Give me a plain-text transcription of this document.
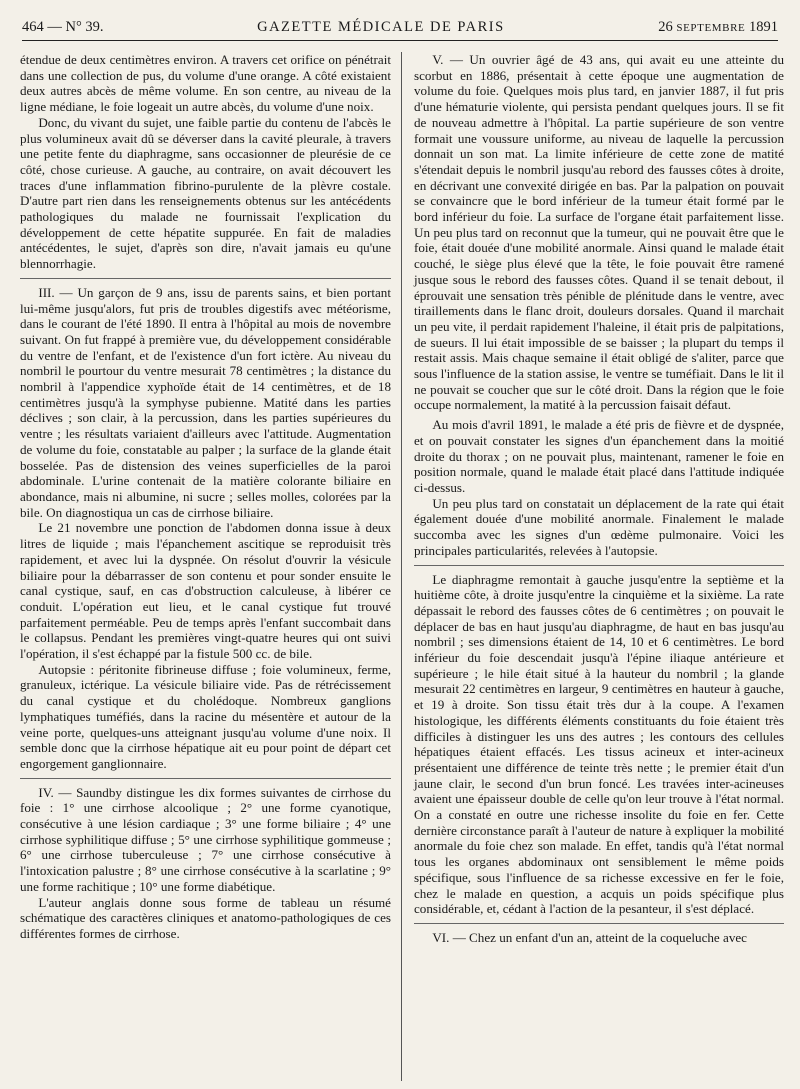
464 — N° 39.	GAZETTE MÉDICALE DE PARIS	26 SEPTEMBRE 1891

étendue de deux centimètres environ. A travers cet orifice on pénétrait dans une collection de pus, du volume d'une orange. A côté existaient deux autres abcès de même volume. En son centre, au niveau de la ligne médiane, le foie logeait un autre abcès, du volume d'une noix.

Donc, du vivant du sujet, une faible partie du contenu de l'abcès le plus volumineux avait dû se déverser dans la cavité pleurale, à travers une petite fente du diaphragme, sans occasionner de pleurésie de ce côté, chose curieuse. A gauche, au contraire, on avait découvert les traces d'une inflammation fibrino-purulente de la plèvre costale. D'autre part rien dans les renseignements obtenus sur les antécédents pathologiques du malade ne fournissait l'explication du développement de cette hépatite suppurée. En fait de maladies antécédentes, le sujet, d'après son dire, n'avait jamais eu qu'une blennorrhagie.

III. — Un garçon de 9 ans, issu de parents sains, et bien portant lui-même jusqu'alors, fut pris de troubles digestifs avec météorisme, dans le courant de l'été 1890. Il entra à l'hôpital au mois de novembre suivant. On fut frappé à première vue, du développement considérable du ventre de l'enfant, et de l'existence d'un fort ictère. Au niveau du nombril le pourtour du ventre mesurait 78 centimètres ; la distance du nombril à l'appendice xyphoïde était de 14 centimètres, et de 18 centimètres jusqu'à la symphyse pubienne. Matité dans les parties déclives ; son clair, à la percussion, dans les parties supérieures du ventre ; les résultats variaient d'ailleurs avec l'attitude. Augmentation de volume du foie, constatable au palper ; la surface de la glande était bosselée. Pas de distension des veines superficielles de la paroi abdominale. L'urine contenait de la matière colorante biliaire en abondance, mais ni albumine, ni sucre ; selles molles, colorées par la bile. On diagnostiqua un cas de cirrhose biliaire.

Le 21 novembre une ponction de l'abdomen donna issue à deux litres de liquide ; mais l'épanchement ascitique se reproduisit très rapidement, et avec lui la dyspnée. On résolut d'ouvrir la vésicule biliaire pour la débarrasser de son contenu et pour sonder ensuite le canal cystique, sauf, en cas d'obstruction calculeuse, à libérer ce conduit. L'opération eut lieu, et le canal cystique fut trouvé parfaitement perméable. Peu de temps après l'enfant succombait dans le collapsus. Pendant les premières vingt-quatre heures qui ont suivi l'opération, il s'est échappé par la fistule 500 cc. de bile.

Autopsie : péritonite fibrineuse diffuse ; foie volumineux, ferme, granuleux, ictérique. La vésicule biliaire vide. Pas de rétrécissement du canal cystique et du cholédoque. Nombreux ganglions lymphatiques tuméfiés, dans la racine du mésentère et autour de la veine porte, quelques-uns atteignant jusqu'au volume d'une noix. Il semble donc que la cirrhose hépatique ait eu pour point de départ cet engorgement ganglionnaire.

IV. — Saundby distingue les dix formes suivantes de cirrhose du foie : 1° une cirrhose alcoolique ; 2° une forme cyanotique, consécutive à une lésion cardiaque ; 3° une forme biliaire ; 4° une cirrhose syphilitique diffuse ; 5° une cirrhose syphilitique gommeuse ; 6° une cirrhose tuberculeuse ; 7° une cirrhose consécutive à l'intoxication palustre ; 8° une cirrhose consécutive à la scarlatine ; 9° une forme rachitique ; 10° une forme diabétique.

L'auteur anglais donne sous forme de tableau un résumé schématique des caractères cliniques et anatomo-pathologiques de ces différentes formes de cirrhose.

V. — Un ouvrier âgé de 43 ans, qui avait eu une atteinte du scorbut en 1886, présentait à cette époque une augmentation de volume du foie. Quelques mois plus tard, en janvier 1887, il fut pris d'une hématurie violente, qui persista pendant quelques jours. Il se fit de nouveau admettre à l'hôpital. La partie supérieure de son ventre formait une voussure uniforme, au niveau de laquelle la percussion donnait un son mat. La limite inférieure de cette zone de matité s'étendait depuis le nombril jusqu'au rebord des fausses côtes à droite, en décrivant une convexité dirigée en bas. Par la palpation on pouvait se convaincre que le bord inférieur de la tumeur était formé par le bord inférieur du foie. La surface de l'organe était parfaitement lisse. Un peu plus tard on reconnut que la tumeur, qui ne pouvait être que le foie, était douée d'une mobilité anormale. Ainsi quand le malade était couché, le siège plus élevé que la tête, le foie pouvait être ramené jusque sous le rebord des fausses côtes. Quand il se tenait debout, il éprouvait une sensation très pénible de plénitude dans le ventre, avec tiraillements dans le flanc droit, douleurs dorsales. Quand il marchait un peu vite, il perdait rapidement l'haleine, il était pris de palpitations, de sueurs. Il lui était impossible de se baisser ; la plupart du temps il restait assis. Mais chaque semaine il était obligé de s'aliter, parce que sous l'influence de la station assise, le ventre se tuméfiait. Dans le lit il ne pouvait se coucher que sur le côté droit. Dans la région que le foie occupe normalement, la matité à la percussion faisait défaut.

Au mois d'avril 1891, le malade a été pris de fièvre et de dyspnée, et on pouvait constater les signes d'un épanchement dans la moitié droite du thorax ; on ne pouvait plus, maintenant, ramener le foie en position normale, quand le malade était placé dans l'attitude indiquée ci-dessus.

Un peu plus tard on constatait un déplacement de la rate qui était également douée d'une mobilité anormale. Finalement le malade succomba avec les signes d'un œdème pulmonaire. Voici les principales particularités, relevées à l'autopsie.

Le diaphragme remontait à gauche jusqu'entre la septième et la huitième côte, à droite jusqu'entre la cinquième et la sixième. La rate dépassait le rebord des fausses côtes de 6 centimètres ; on pouvait le déplacer de bas en haut jusqu'au diaphragme, de haut en bas jusqu'au nombril ; ses dimensions étaient de 14, 10 et 6 centimètres. Le bord inférieur du foie descendait jusqu'à l'épine iliaque antérieure et supérieure ; le hile était situé à la hauteur du nombril ; la glande mesurait 22 centimètres en largeur, 9 centimètres en hauteur à gauche, et 19 à droite. Son tissu était très dur à la coupe. A l'examen histologique, les différents éléments constituants du foie étaient très difficiles à distinguer les uns des autres ; les contours des cellules hépatiques étaient effacés. Les tissus acineux et inter-acineux présentaient une différence de teinte très nette ; le premier était d'un jaune clair, le second d'un brun foncé. Les travées inter-acineuses avaient une épaisseur double de celle qu'on leur trouve à l'état normal. On a constaté en outre une richesse insolite du foie en fer. Cette dernière circonstance paraît à l'auteur de nature à expliquer la mobilité anormale du foie chez son malade. En effet, tandis qu'à l'état normal tous les organes abdominaux ont sensiblement le même poids spécifique, sous l'influence de sa richesse excessive en fer le foie, chez le malade en question, a acquis un poids spécifique plus considérable, et, cédant à l'action de la pesanteur, il s'est déplacé.

VI. — Chez un enfant d'un an, atteint de la coqueluche avec
